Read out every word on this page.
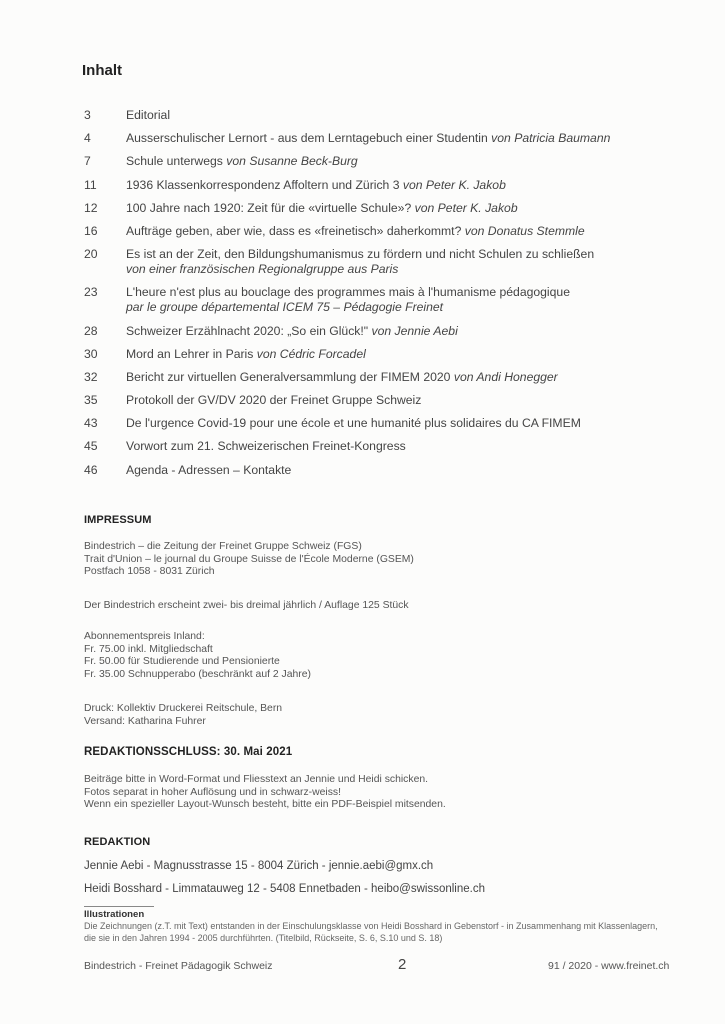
Inhalt
3	Editorial
4	Ausserschulischer Lernort - aus dem Lerntagebuch einer Studentin von Patricia Baumann
7	Schule unterwegs von Susanne Beck-Burg
11	1936 Klassenkorrespondenz Affoltern und Zürich 3 von Peter K. Jakob
12	100 Jahre nach 1920: Zeit für die «virtuelle Schule»? von Peter K. Jakob
16	Aufträge geben, aber wie, dass es «freinetisch» daherkommt? von Donatus Stemmle
20	Es ist an der Zeit, den Bildungshumanismus zu fördern und nicht Schulen zu schließen
von einer französischen Regionalgruppe aus Paris
23	L'heure n'est plus au bouclage des programmes mais à l'humanisme pédagogique
par le groupe départemental ICEM 75 – Pédagogie Freinet
28	Schweizer Erzählnacht 2020: „So ein Glück!" von Jennie Aebi
30	Mord an Lehrer in Paris von Cédric Forcadel
32	Bericht zur virtuellen Generalversammlung der FIMEM 2020 von Andi Honegger
35	Protokoll der GV/DV 2020 der Freinet Gruppe Schweiz
43	De l'urgence Covid-19 pour une école et une humanité plus solidaires du CA FIMEM
45	Vorwort zum 21. Schweizerischen Freinet-Kongress
46	Agenda - Adressen – Kontakte
IMPRESSUM

Bindestrich – die Zeitung der Freinet Gruppe Schweiz (FGS)

Trait d'Union – le journal du Groupe Suisse de l'École Moderne (GSEM)

Postfach 1058 - 8031 Zürich

Der Bindestrich erscheint zwei- bis dreimal jährlich / Auflage 125 Stück

Abonnementspreis Inland:

Fr. 75.00 inkl. Mitgliedschaft

Fr. 50.00 für Studierende und Pensionierte

Fr. 35.00 Schnupperabo (beschränkt auf 2 Jahre)

Druck: Kollektiv Druckerei Reitschule, Bern

Versand: Katharina Fuhrer

REDAKTIONSSCHLUSS: 30. Mai 2021

Beiträge bitte in Word-Format und Fliesstext an Jennie und Heidi schicken.

Fotos separat in hoher Auflösung und in schwarz-weiss!

Wenn ein spezieller Layout-Wunsch besteht, bitte ein PDF-Beispiel mitsenden.

REDAKTION
Jennie Aebi - Magnusstrasse 15 - 8004 Zürich - jennie.aebi@gmx.ch
Heidi Bosshard - Limmatauweg 12 - 5408 Ennetbaden - heibo@swissonline.ch
Illustrationen
Die Zeichnungen (z.T. mit Text) entstanden in der Einschulungsklasse von Heidi Bosshard in Gebenstorf - in Zusammenhang mit Klassenlagern, die sie in den Jahren 1994 - 2005 durchführten. (Titelbild, Rückseite, S. 6, S.10 und S. 18)
Bindestrich - Freinet Pädagogik Schweiz	2	91 / 2020 - www.freinet.ch
